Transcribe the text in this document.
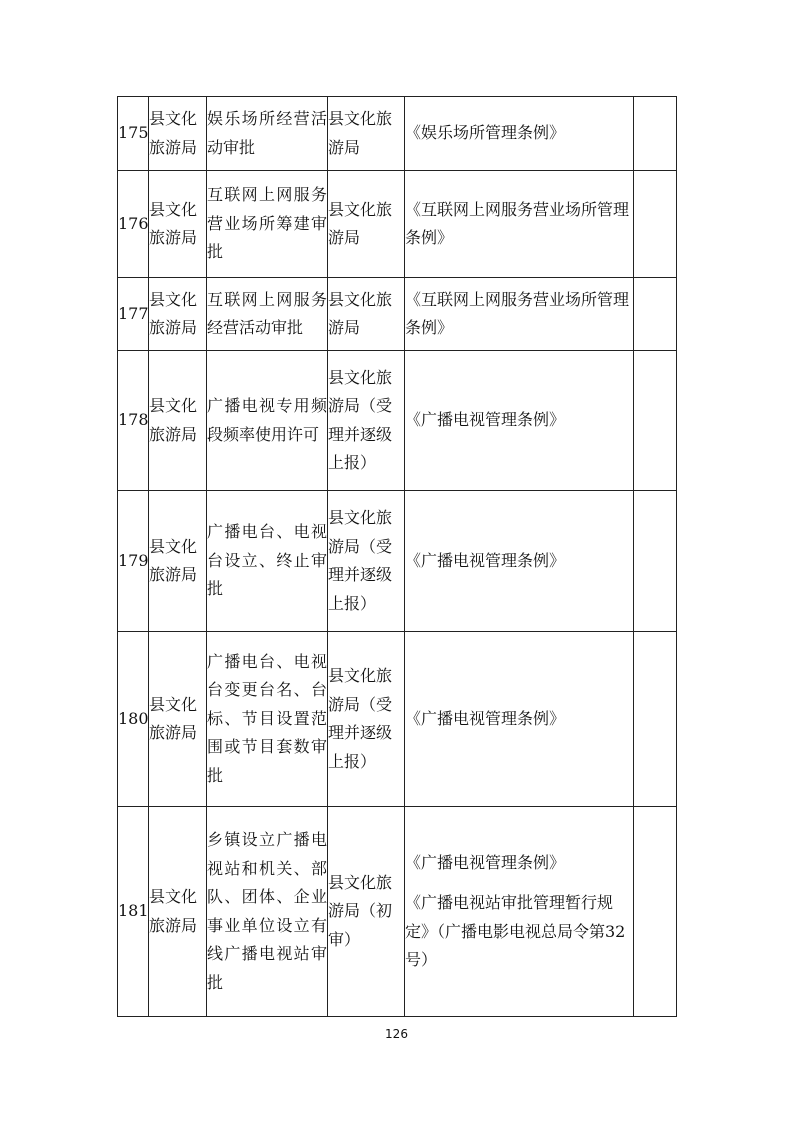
175	县文化旅游局	娱乐场所经营活动审批	县文化旅游局	《娱乐场所管理条例》	

176	县文化旅游局	互联网上网服务营业场所筹建审批	县文化旅游局	《互联网上网服务营业场所管理条例》	

177	县文化旅游局	互联网上网服务经营活动审批	县文化旅游局	《互联网上网服务营业场所管理条例》	

178	县文化旅游局	广播电视专用频段频率使用许可	县文化旅游局（受理并逐级上报）	《广播电视管理条例》	

179	县文化旅游局	广播电台、电视台设立、终止审批	县文化旅游局（受理并逐级上报）	《广播电视管理条例》	

180	县文化旅游局	广播电台、电视台变更台名、台标、节目设置范围或节目套数审批	县文化旅游局（受理并逐级上报）	《广播电视管理条例》	

181	县文化旅游局	乡镇设立广播电视站和机关、部队、团体、企业事业单位设立有线广播电视站审批	县文化旅游局（初审）	《广播电视管理条例》
《广播电视站审批管理暂行规定》（广播电影电视总局令第32号）	

126
